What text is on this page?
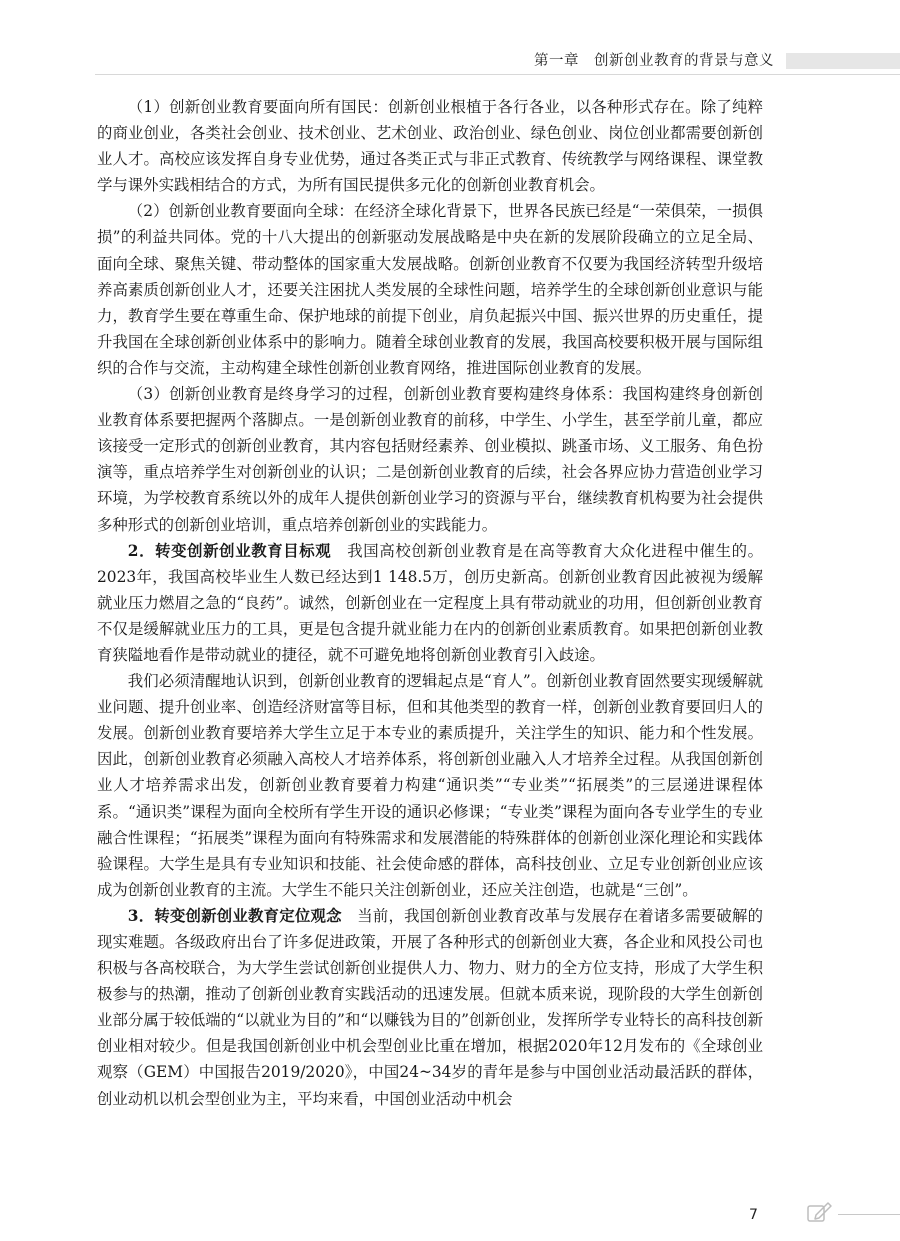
第一章　创新创业教育的背景与意义

（1）创新创业教育要面向所有国民：创新创业根植于各行各业，以各种形式存在。除了纯粹的商业创业，各类社会创业、技术创业、艺术创业、政治创业、绿色创业、岗位创业都需要创新创业人才。高校应该发挥自身专业优势，通过各类正式与非正式教育、传统教学与网络课程、课堂教学与课外实践相结合的方式，为所有国民提供多元化的创新创业教育机会。

（2）创新创业教育要面向全球：在经济全球化背景下，世界各民族已经是“一荣俱荣，一损俱损”的利益共同体。党的十八大提出的创新驱动发展战略是中央在新的发展阶段确立的立足全局、面向全球、聚焦关键、带动整体的国家重大发展战略。创新创业教育不仅要为我国经济转型升级培养高素质创新创业人才，还要关注困扰人类发展的全球性问题，培养学生的全球创新创业意识与能力，教育学生要在尊重生命、保护地球的前提下创业，肩负起振兴中国、振兴世界的历史重任，提升我国在全球创新创业体系中的影响力。随着全球创业教育的发展，我国高校要积极开展与国际组织的合作与交流，主动构建全球性创新创业教育网络，推进国际创业教育的发展。

（3）创新创业教育是终身学习的过程，创新创业教育要构建终身体系：我国构建终身创新创业教育体系要把握两个落脚点。一是创新创业教育的前移，中学生、小学生，甚至学前儿童，都应该接受一定形式的创新创业教育，其内容包括财经素养、创业模拟、跳蚤市场、义工服务、角色扮演等，重点培养学生对创新创业的认识；二是创新创业教育的后续，社会各界应协力营造创业学习环境，为学校教育系统以外的成年人提供创新创业学习的资源与平台，继续教育机构要为社会提供多种形式的创新创业培训，重点培养创新创业的实践能力。

2．转变创新创业教育目标观　我国高校创新创业教育是在高等教育大众化进程中催生的。2023年，我国高校毕业生人数已经达到1 148.5万，创历史新高。创新创业教育因此被视为缓解就业压力燃眉之急的“良药”。诚然，创新创业在一定程度上具有带动就业的功用，但创新创业教育不仅是缓解就业压力的工具，更是包含提升就业能力在内的创新创业素质教育。如果把创新创业教育狭隘地看作是带动就业的捷径，就不可避免地将创新创业教育引入歧途。

我们必须清醒地认识到，创新创业教育的逻辑起点是“育人”。创新创业教育固然要实现缓解就业问题、提升创业率、创造经济财富等目标，但和其他类型的教育一样，创新创业教育要回归人的发展。创新创业教育要培养大学生立足于本专业的素质提升，关注学生的知识、能力和个性发展。因此，创新创业教育必须融入高校人才培养体系，将创新创业融入人才培养全过程。从我国创新创业人才培养需求出发，创新创业教育要着力构建“通识类”“专业类”“拓展类”的三层递进课程体系。“通识类”课程为面向全校所有学生开设的通识必修课；“专业类”课程为面向各专业学生的专业融合性课程；“拓展类”课程为面向有特殊需求和发展潜能的特殊群体的创新创业深化理论和实践体验课程。大学生是具有专业知识和技能、社会使命感的群体，高科技创业、立足专业创新创业应该成为创新创业教育的主流。大学生不能只关注创新创业，还应关注创造，也就是“三创”。

3．转变创新创业教育定位观念　当前，我国创新创业教育改革与发展存在着诸多需要破解的现实难题。各级政府出台了许多促进政策，开展了各种形式的创新创业大赛，各企业和风投公司也积极与各高校联合，为大学生尝试创新创业提供人力、物力、财力的全方位支持，形成了大学生积极参与的热潮，推动了创新创业教育实践活动的迅速发展。但就本质来说，现阶段的大学生创新创业部分属于较低端的“以就业为目的”和“以赚钱为目的”创新创业，发挥所学专业特长的高科技创新创业相对较少。但是我国创新创业中机会型创业比重在增加，根据2020年12月发布的《全球创业观察（GEM）中国报告2019/2020》，中国24~34岁的青年是参与中国创业活动最活跃的群体，创业动机以机会型创业为主，平均来看，中国创业活动中机会

7
